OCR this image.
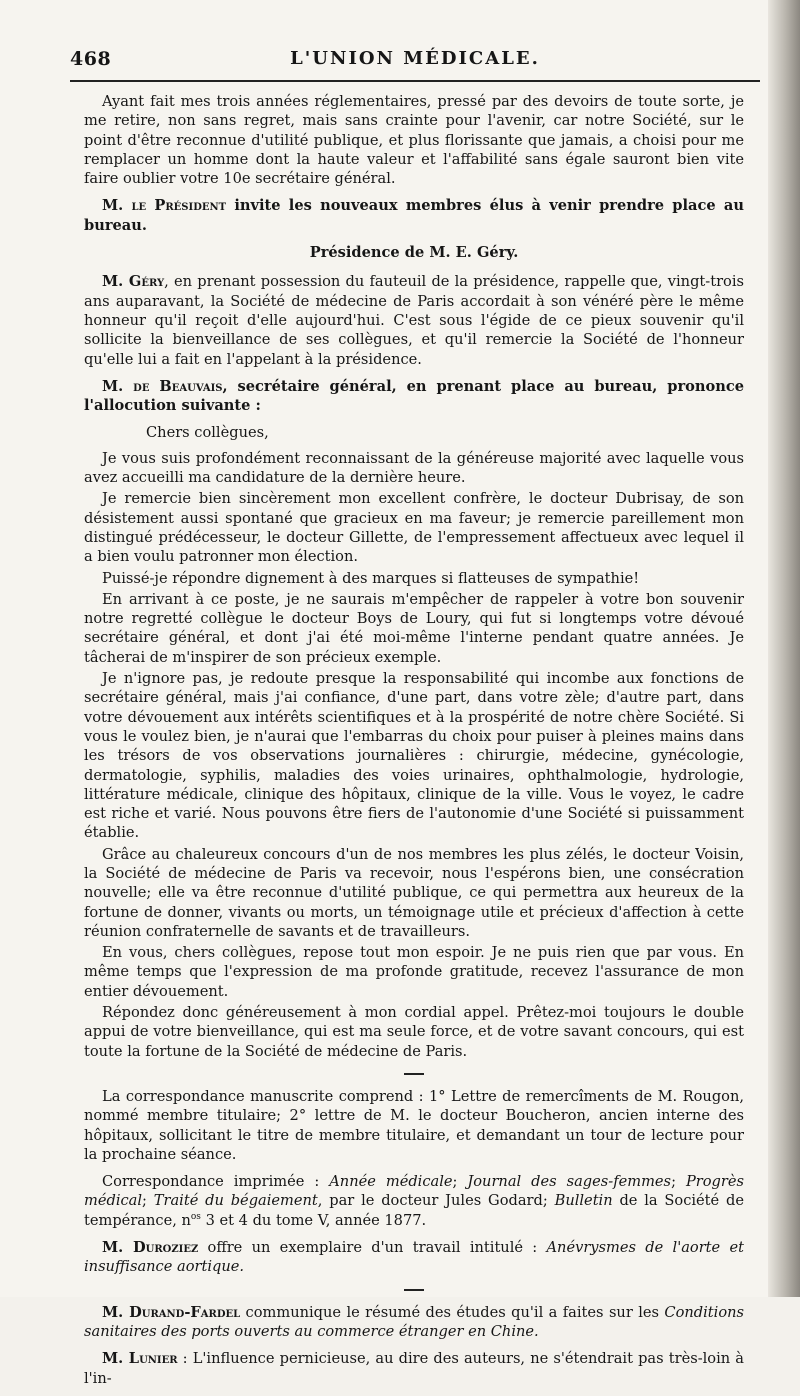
468	L'UNION MÉDICALE.

Ayant fait mes trois années réglementaires, pressé par des devoirs de toute sorte, je me retire, non sans regret, mais sans crainte pour l'avenir, car notre Société, sur le point d'être reconnue d'utilité publique, et plus florissante que jamais, a choisi pour me remplacer un homme dont la haute valeur et l'affabilité sans égale sauront bien vite faire oublier votre 10e secrétaire général.

M. le Président invite les nouveaux membres élus à venir prendre place au bureau.

Présidence de M. E. Géry.

M. Géry, en prenant possession du fauteuil de la présidence, rappelle que, vingt-trois ans auparavant, la Société de médecine de Paris accordait à son vénéré père le même honneur qu'il reçoit d'elle aujourd'hui. C'est sous l'égide de ce pieux souvenir qu'il sollicite la bienveillance de ses collègues, et qu'il remercie la Société de l'honneur qu'elle lui a fait en l'appelant à la présidence.

M. de Beauvais, secrétaire général, en prenant place au bureau, prononce l'allocution suivante :

Chers collègues,

Je vous suis profondément reconnaissant de la généreuse majorité avec laquelle vous avez accueilli ma candidature de la dernière heure.

Je remercie bien sincèrement mon excellent confrère, le docteur Dubrisay, de son désistement aussi spontané que gracieux en ma faveur; je remercie pareillement mon distingué prédécesseur, le docteur Gillette, de l'empressement affectueux avec lequel il a bien voulu patronner mon élection.

Puissé-je répondre dignement à des marques si flatteuses de sympathie!

En arrivant à ce poste, je ne saurais m'empêcher de rappeler à votre bon souvenir notre regretté collègue le docteur Boys de Loury, qui fut si longtemps votre dévoué secrétaire général, et dont j'ai été moi-même l'interne pendant quatre années. Je tâcherai de m'inspirer de son précieux exemple.

Je n'ignore pas, je redoute presque la responsabilité qui incombe aux fonctions de secrétaire général, mais j'ai confiance, d'une part, dans votre zèle; d'autre part, dans votre dévouement aux intérêts scientifiques et à la prospérité de notre chère Société. Si vous le voulez bien, je n'aurai que l'embarras du choix pour puiser à pleines mains dans les trésors de vos observations journalières : chirurgie, médecine, gynécologie, dermatologie, syphilis, maladies des voies urinaires, ophthalmologie, hydrologie, littérature médicale, clinique des hôpitaux, clinique de la ville. Vous le voyez, le cadre est riche et varié. Nous pouvons être fiers de l'autonomie d'une Société si puissamment établie.

Grâce au chaleureux concours d'un de nos membres les plus zélés, le docteur Voisin, la Société de médecine de Paris va recevoir, nous l'espérons bien, une consécration nouvelle; elle va être reconnue d'utilité publique, ce qui permettra aux heureux de la fortune de donner, vivants ou morts, un témoignage utile et précieux d'affection à cette réunion confraternelle de savants et de travailleurs.

En vous, chers collègues, repose tout mon espoir. Je ne puis rien que par vous. En même temps que l'expression de ma profonde gratitude, recevez l'assurance de mon entier dévouement.

Répondez donc généreusement à mon cordial appel. Prêtez-moi toujours le double appui de votre bienveillance, qui est ma seule force, et de votre savant concours, qui est toute la fortune de la Société de médecine de Paris.

La correspondance manuscrite comprend : 1° Lettre de remercîments de M. Rougon, nommé membre titulaire; 2° lettre de M. le docteur Boucheron, ancien interne des hôpitaux, sollicitant le titre de membre titulaire, et demandant un tour de lecture pour la prochaine séance.

Correspondance imprimée : Année médicale; Journal des sages-femmes; Progrès médical; Traité du bégaiement, par le docteur Jules Godard; Bulletin de la Société de tempérance, $n^{os}$ 3 et 4 du tome V, année 1877.

M. Duroziez offre un exemplaire d'un travail intitulé : Anévrysmes de l'aorte et insuffisance aortique.

M. Durand-Fardel communique le résumé des études qu'il a faites sur les Conditions sanitaires des ports ouverts au commerce étranger en Chine.

M. Lunier : L'influence pernicieuse, au dire des auteurs, ne s'étendrait pas très-loin à l'in-
